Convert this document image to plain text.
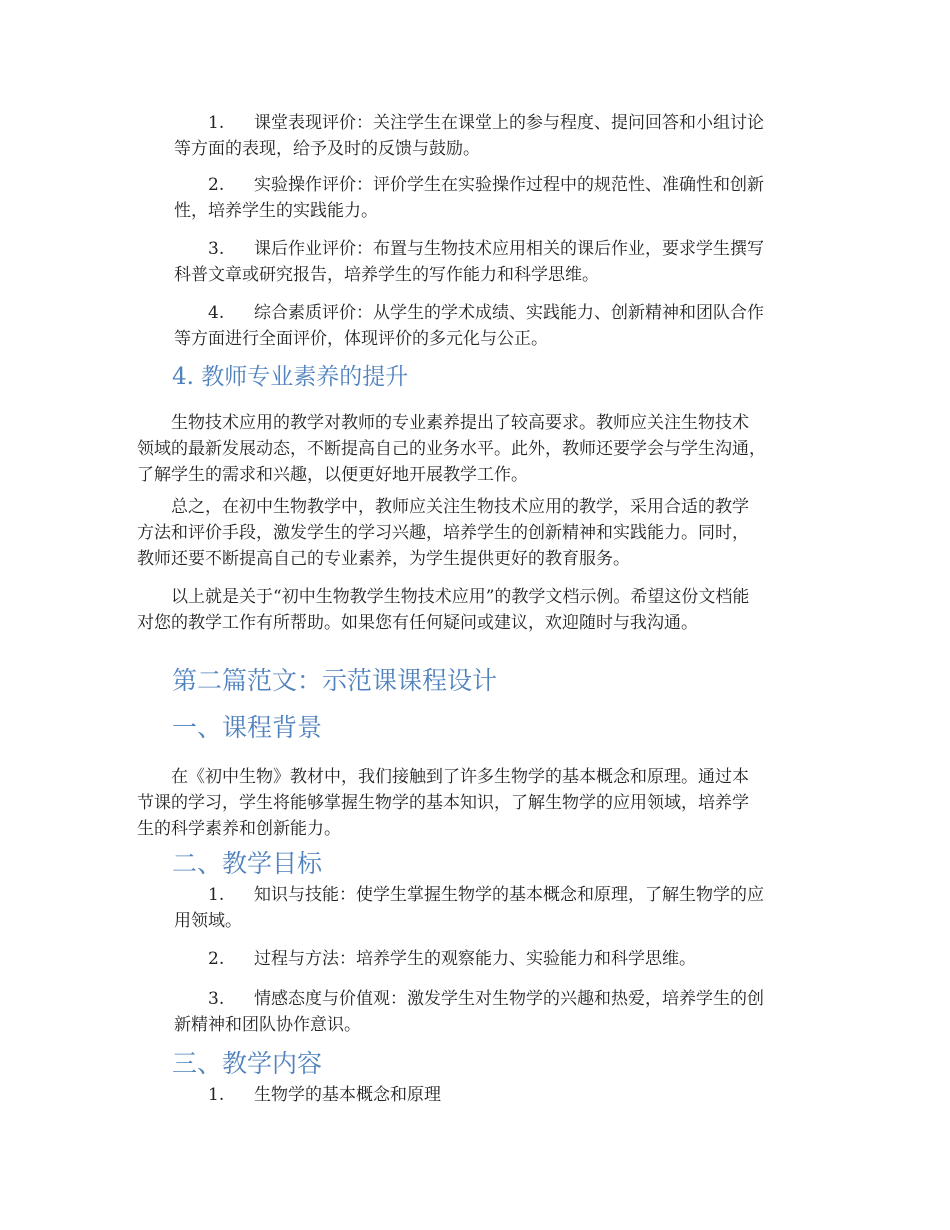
1.	课堂表现评价：关注学生在课堂上的参与程度、提问回答和小组讨论
等方面的表现，给予及时的反馈与鼓励。
2.	实验操作评价：评价学生在实验操作过程中的规范性、准确性和创新
性，培养学生的实践能力。
3.	课后作业评价：布置与生物技术应用相关的课后作业，要求学生撰写
科普文章或研究报告，培养学生的写作能力和科学思维。
4.	综合素质评价：从学生的学术成绩、实践能力、创新精神和团队合作
等方面进行全面评价，体现评价的多元化与公正。
4. 教师专业素养的提升
生物技术应用的教学对教师的专业素养提出了较高要求。教师应关注生物技术
领域的最新发展动态，不断提高自己的业务水平。此外，教师还要学会与学生沟通，
了解学生的需求和兴趣，以便更好地开展教学工作。
总之，在初中生物教学中，教师应关注生物技术应用的教学，采用合适的教学
方法和评价手段，激发学生的学习兴趣，培养学生的创新精神和实践能力。同时，
教师还要不断提高自己的专业素养，为学生提供更好的教育服务。
以上就是关于“初中生物教学生物技术应用”的教学文档示例。希望这份文档能
对您的教学工作有所帮助。如果您有任何疑问或建议，欢迎随时与我沟通。
第二篇范文：示范课课程设计
一、课程背景
在《初中生物》教材中，我们接触到了许多生物学的基本概念和原理。通过本
节课的学习，学生将能够掌握生物学的基本知识，了解生物学的应用领域，培养学
生的科学素养和创新能力。
二、教学目标
1.	知识与技能：使学生掌握生物学的基本概念和原理，了解生物学的应
用领域。
2.	过程与方法：培养学生的观察能力、实验能力和科学思维。
3.	情感态度与价值观：激发学生对生物学的兴趣和热爱，培养学生的创
新精神和团队协作意识。
三、教学内容
1.	生物学的基本概念和原理
